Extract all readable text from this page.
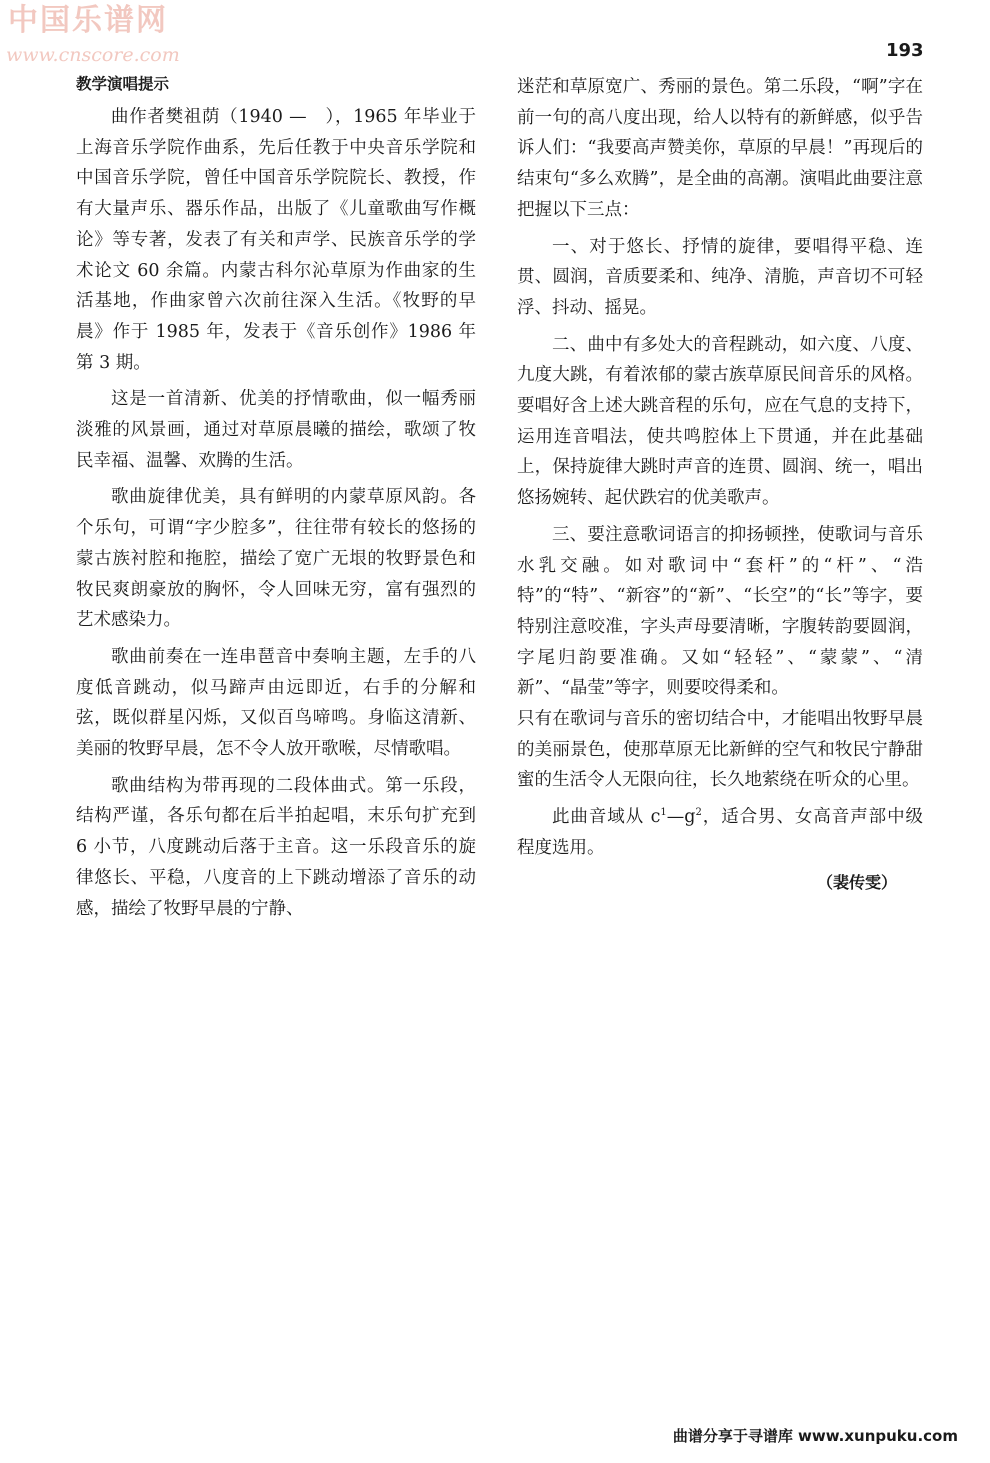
中国乐谱网
www.cnscore.com	193
教学演唱提示

曲作者樊祖荫（1940 —　），1965 年毕业于上海音乐学院作曲系，先后任教于中央音乐学院和中国音乐学院，曾任中国音乐学院院长、教授，作有大量声乐、器乐作品，出版了《儿童歌曲写作概论》等专著，发表了有关和声学、民族音乐学的学术论文 60 余篇。内蒙古科尔沁草原为作曲家的生活基地，作曲家曾六次前往深入生活。《牧野的早晨》作于 1985 年，发表于《音乐创作》1986 年第 3 期。

这是一首清新、优美的抒情歌曲，似一幅秀丽淡雅的风景画，通过对草原晨曦的描绘，歌颂了牧民幸福、温馨、欢腾的生活。

歌曲旋律优美，具有鲜明的内蒙草原风韵。各个乐句，可谓“字少腔多”，往往带有较长的悠扬的蒙古族衬腔和拖腔，描绘了宽广无垠的牧野景色和牧民爽朗豪放的胸怀，令人回味无穷，富有强烈的艺术感染力。

歌曲前奏在一连串琶音中奏响主题，左手的八度低音跳动，似马蹄声由远即近，右手的分解和弦，既似群星闪烁，又似百鸟啼鸣。身临这清新、美丽的牧野早晨，怎不令人放开歌喉，尽情歌唱。

歌曲结构为带再现的二段体曲式。第一乐段，结构严谨，各乐句都在后半拍起唱，末乐句扩充到 6 小节，八度跳动后落于主音。这一乐段音乐的旋律悠长、平稳，八度音的上下跳动增添了音乐的动感，描绘了牧野早晨的宁静、

迷茫和草原宽广、秀丽的景色。第二乐段，“啊”字在前一句的高八度出现，给人以特有的新鲜感，似乎告诉人们：“我要高声赞美你，草原的早晨！”再现后的结束句“多么欢腾”，是全曲的高潮。演唱此曲要注意把握以下三点：

一、对于悠长、抒情的旋律，要唱得平稳、连贯、圆润，音质要柔和、纯净、清脆，声音切不可轻浮、抖动、摇晃。

二、曲中有多处大的音程跳动，如六度、八度、九度大跳，有着浓郁的蒙古族草原民间音乐的风格。要唱好含上述大跳音程的乐句，应在气息的支持下，运用连音唱法，使共鸣腔体上下贯通，并在此基础上，保持旋律大跳时声音的连贯、圆润、统一，唱出悠扬婉转、起伏跌宕的优美歌声。

三、要注意歌词语言的抑扬顿挫，使歌词与音乐水乳交融。如对歌词中“套杆”的“杆”、“浩特”的“特”、“新容”的“新”、“长空”的“长”等字，要特别注意咬准，字头声母要清晰，字腹转韵要圆润，字尾归韵要准确。又如“轻轻”、“蒙蒙”、“清新”、“晶莹”等字，则要咬得柔和。

只有在歌词与音乐的密切结合中，才能唱出牧野早晨的美丽景色，使那草原无比新鲜的空气和牧民宁静甜蜜的生活令人无限向往，长久地萦绕在听众的心里。

此曲音域从 $c^1—g^2$，适合男、女高音声部中级程度选用。

（裴传雯）
曲谱分享于寻谱库 www.xunpuku.com
